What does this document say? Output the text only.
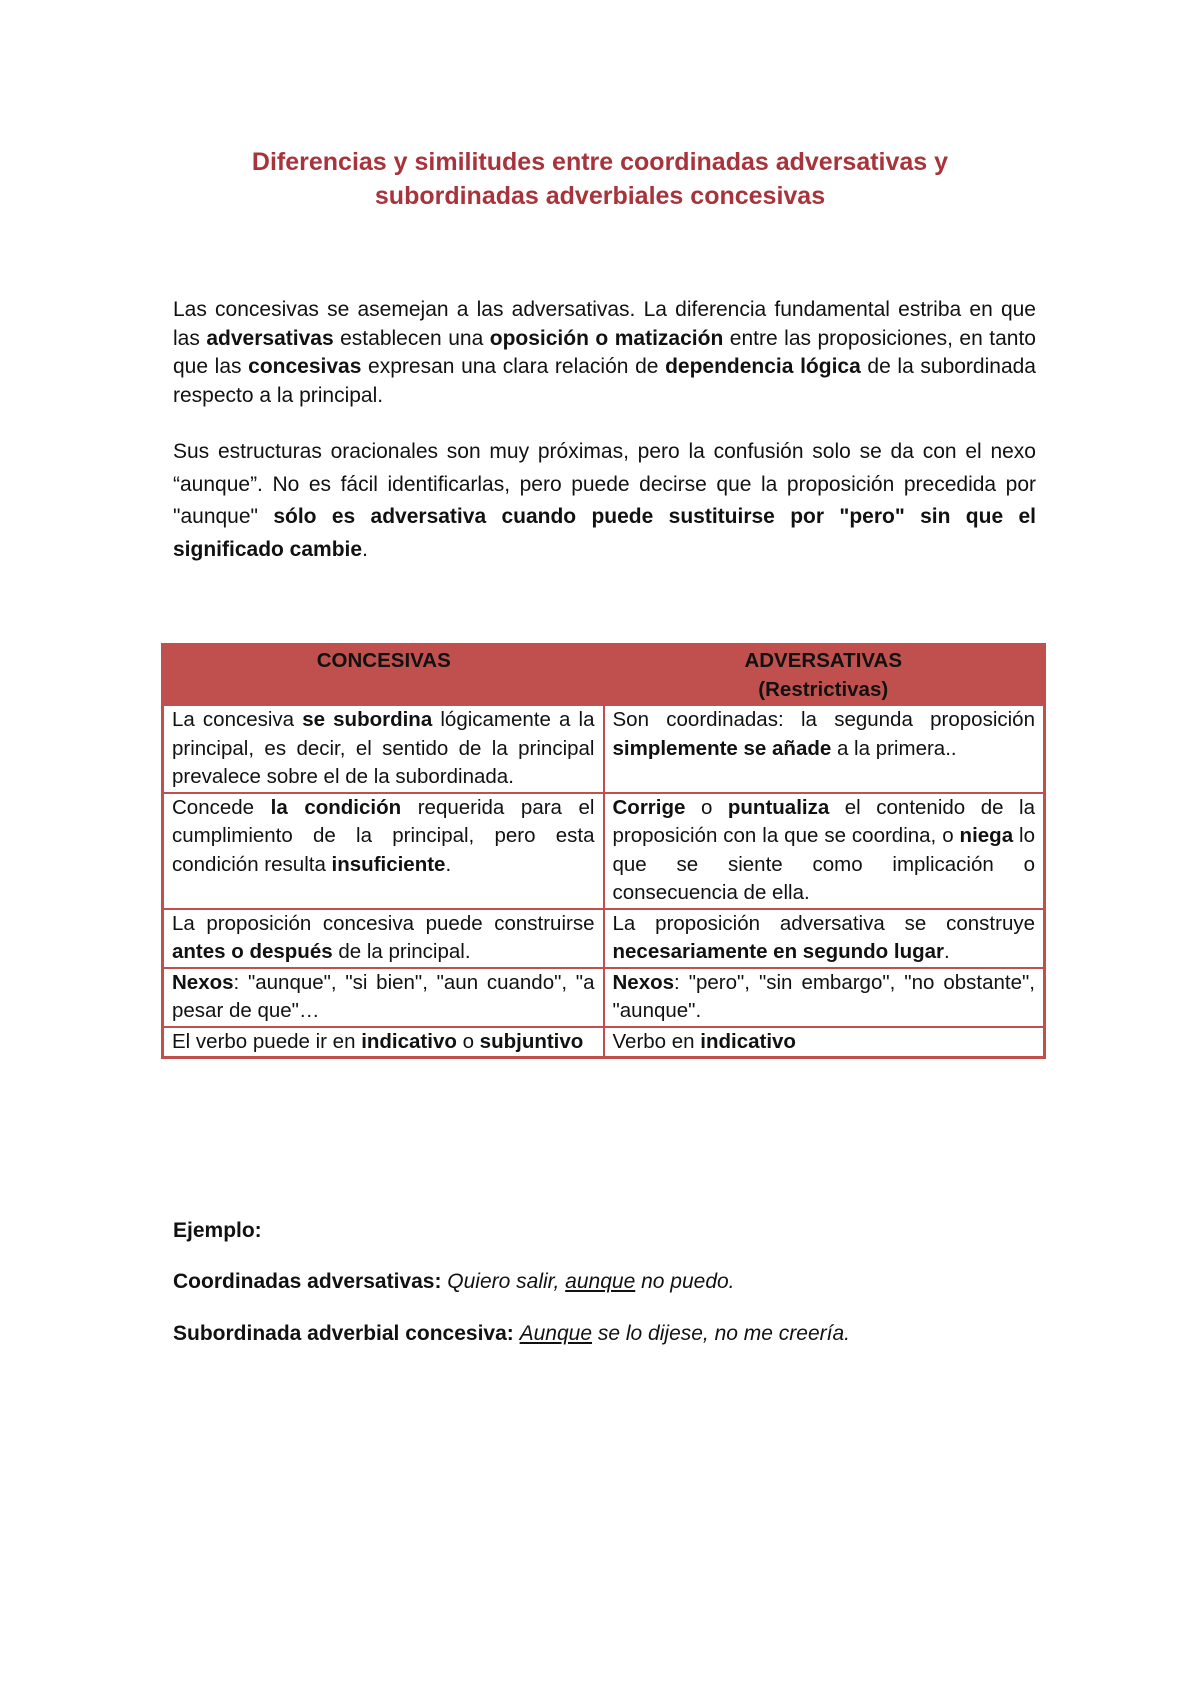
Diferencias y similitudes entre coordinadas adversativas y
subordinadas adverbiales concesivas

Las concesivas se asemejan a las adversativas. La diferencia fundamental estriba en que las adversativas establecen una oposición o matización entre las proposiciones, en tanto que las concesivas expresan una clara relación de dependencia lógica de la subordinada respecto a la principal.

Sus estructuras oracionales son muy próximas, pero la confusión solo se da con el nexo “aunque”. No es fácil identificarlas, pero puede decirse que la proposición precedida por "aunque" sólo es adversativa cuando puede sustituirse por "pero" sin que el significado cambie.

CONCESIVAS	ADVERSATIVAS
(Restrictivas)

La concesiva se subordina lógicamente a la principal, es decir, el sentido de la principal prevalece sobre el de la subordinada.	Son coordinadas: la segunda proposición simplemente se añade a la primera..
Concede la condición requerida para el cumplimiento de la principal, pero esta condición resulta insuficiente.	Corrige o puntualiza el contenido de la proposición con la que se coordina, o niega lo que se siente como implicación o consecuencia de ella.
La proposición concesiva puede construirse antes o después de la principal.	La proposición adversativa se construye necesariamente en segundo lugar.
Nexos: "aunque", "si bien", "aun cuando", "a pesar de que"…	Nexos: "pero", "sin embargo", "no obstante", "aunque".
El verbo puede ir en indicativo o subjuntivo	Verbo en indicativo

Ejemplo:

Coordinadas adversativas: Quiero salir, aunque no puedo.

Subordinada adverbial concesiva: Aunque se lo dijese, no me creería.
